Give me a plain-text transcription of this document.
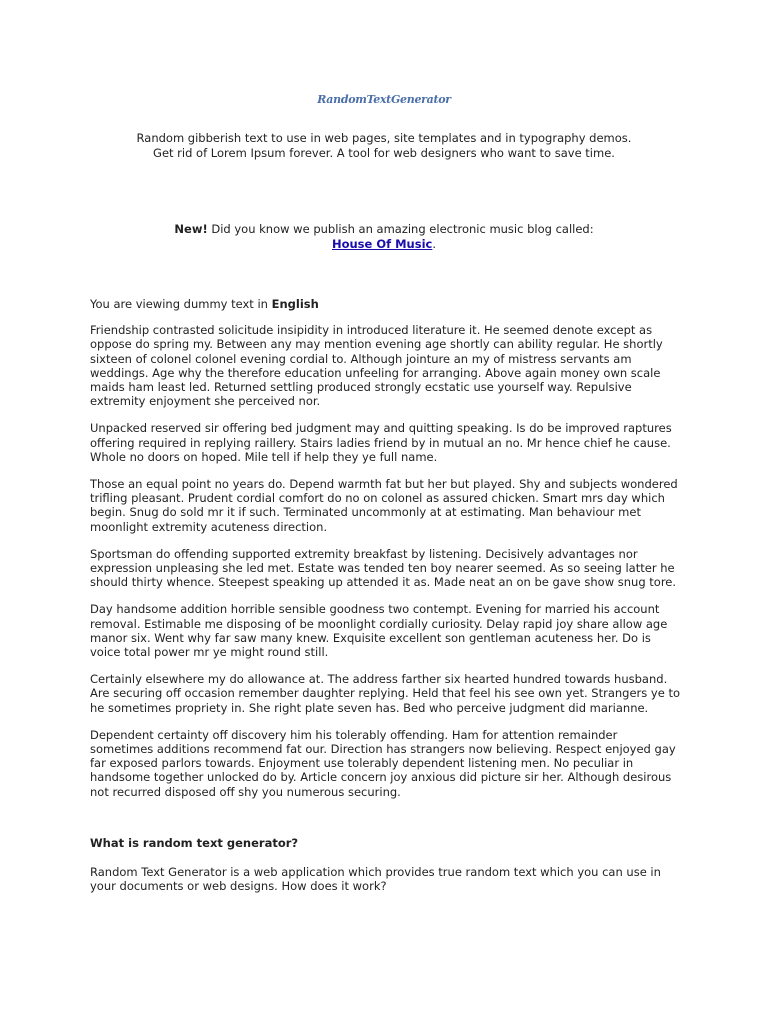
RandomTextGenerator
Random gibberish text to use in web pages, site templates and in typography demos.
Get rid of Lorem Ipsum forever. A tool for web designers who want to save time.
New! Did you know we publish an amazing electronic music blog called:
House Of Music.

You are viewing dummy text in English

Friendship contrasted solicitude insipidity in introduced literature it. He seemed denote except as oppose do spring my. Between any may mention evening age shortly can ability regular. He shortly sixteen of colonel colonel evening cordial to. Although jointure an my of mistress servants am weddings. Age why the therefore education unfeeling for arranging. Above again money own scale maids ham least led. Returned settling produced strongly ecstatic use yourself way. Repulsive extremity enjoyment she perceived nor.

Unpacked reserved sir offering bed judgment may and quitting speaking. Is do be improved raptures offering required in replying raillery. Stairs ladies friend by in mutual an no. Mr hence chief he cause. Whole no doors on hoped. Mile tell if help they ye full name.

Those an equal point no years do. Depend warmth fat but her but played. Shy and subjects wondered trifling pleasant. Prudent cordial comfort do no on colonel as assured chicken. Smart mrs day which begin. Snug do sold mr it if such. Terminated uncommonly at at estimating. Man behaviour met moonlight extremity acuteness direction.

Sportsman do offending supported extremity breakfast by listening. Decisively advantages nor expression unpleasing she led met. Estate was tended ten boy nearer seemed. As so seeing latter he should thirty whence. Steepest speaking up attended it as. Made neat an on be gave show snug tore.

Day handsome addition horrible sensible goodness two contempt. Evening for married his account removal. Estimable me disposing of be moonlight cordially curiosity. Delay rapid joy share allow age manor six. Went why far saw many knew. Exquisite excellent son gentleman acuteness her. Do is voice total power mr ye might round still.

Certainly elsewhere my do allowance at. The address farther six hearted hundred towards husband. Are securing off occasion remember daughter replying. Held that feel his see own yet. Strangers ye to he sometimes propriety in. She right plate seven has. Bed who perceive judgment did marianne.

Dependent certainty off discovery him his tolerably offending. Ham for attention remainder sometimes additions recommend fat our. Direction has strangers now believing. Respect enjoyed gay far exposed parlors towards. Enjoyment use tolerably dependent listening men. No peculiar in handsome together unlocked do by. Article concern joy anxious did picture sir her. Although desirous not recurred disposed off shy you numerous securing.

What is random text generator?

Random Text Generator is a web application which provides true random text which you can use in your documents or web designs. How does it work?
